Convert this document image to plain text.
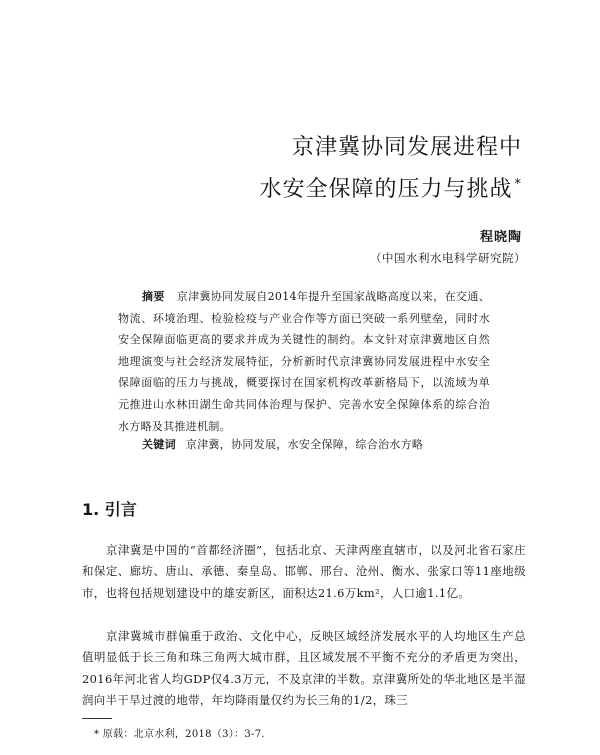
京津冀协同发展进程中
水安全保障的压力与挑战 *
程晓陶
（中国水利水电科学研究院）

摘要 京津冀协同发展自2014年提升至国家战略高度以来，在交通、物流、环境治理、检验检疫与产业合作等方面已突破一系列壁垒，同时水安全保障面临更高的要求并成为关键性的制约。本文针对京津冀地区自然地理演变与社会经济发展特征，分析新时代京津冀协同发展进程中水安全保障面临的压力与挑战，概要探讨在国家机构改革新格局下，以流域为单元推进山水林田湖生命共同体治理与保护、完善水安全保障体系的综合治水方略及其推进机制。

关键词 京津冀，协同发展，水安全保障，综合治水方略

1. 引言

京津冀是中国的“首都经济圈”，包括北京、天津两座直辖市，以及河北省石家庄和保定、廊坊、唐山、承德、秦皇岛、邯郸、邢台、沧州、衡水、张家口等11座地级市，也将包括规划建设中的雄安新区，面积达21.6万km²，人口逾1.1亿。

京津冀城市群偏重于政治、文化中心，反映区域经济发展水平的人均地区生产总值明显低于长三角和珠三角两大城市群，且区域发展不平衡不充分的矛盾更为突出，2016年河北省人均GDP仅4.3万元，不及京津的半数。京津冀所处的华北地区是半湿润向半干旱过渡的地带，年均降雨量仅约为长三角的1/2，珠三

* 原载：北京水利，2018（3）：3-7.
